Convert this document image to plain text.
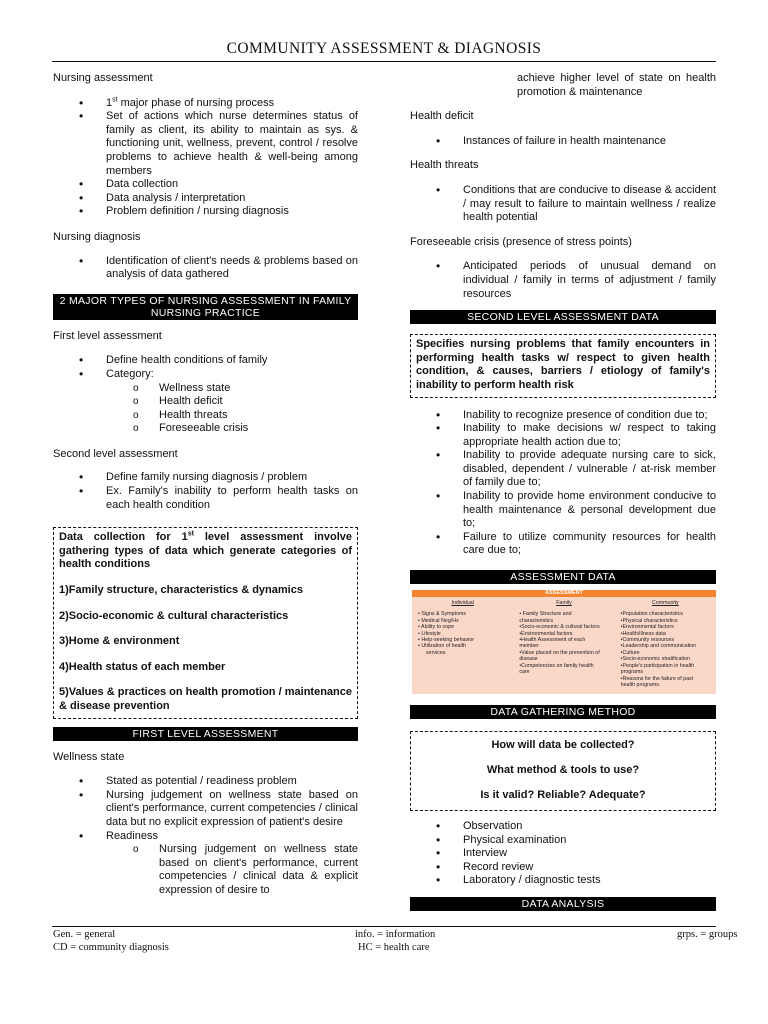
COMMUNITY ASSESSMENT & DIAGNOSIS
Nursing assessment
• 1st major phase of nursing process
• Set of actions which nurse determines status of family as client, its ability to maintain as sys. & functioning unit, wellness, prevent, control / resolve problems to achieve health & well-being among members
• Data collection
• Data analysis / interpretation
• Problem definition / nursing diagnosis
Nursing diagnosis
• Identification of client's needs & problems based on analysis of data gathered
2 MAJOR TYPES OF NURSING ASSESSMENT IN FAMILY NURSING PRACTICE
First level assessment
• Define health conditions of family
• Category:
o Wellness state
o Health deficit
o Health threats
o Foreseeable crisis
Second level assessment
• Define family nursing diagnosis / problem
• Ex. Family's inability to perform health tasks on each health condition

Data collection for 1st level assessment involve gathering types of data which generate categories of health conditions

1)Family structure, characteristics & dynamics

2)Socio-economic & cultural characteristics

3)Home & environment

4)Health status of each member

5)Values & practices on health promotion / maintenance & disease prevention

FIRST LEVEL ASSESSMENT
Wellness state
• Stated as potential / readiness problem
• Nursing judgement on wellness state based on client's performance, current competencies / clinical data but no explicit expression of patient's desire
• Readiness
o Nursing judgement on wellness state based on client's performance, current competencies / clinical data & explicit expression of desire to
achieve higher level of state on health promotion & maintenance
Health deficit
• Instances of failure in health maintenance
Health threats
• Conditions that are conducive to disease & accident / may result to failure to maintain wellness / realize health potential
Foreseeable crisis (presence of stress points)
• Anticipated periods of unusual demand on individual / family in terms of adjustment / family resources
SECOND LEVEL ASSESSMENT DATA
Specifies nursing problems that family encounters in performing health tasks w/ respect to given health condition, & causes, barriers / etiology of family's inability to perform health risk
• Inability to recognize presence of condition due to;
• Inability to make decisions w/ respect to taking appropriate health action due to;
• Inability to provide adequate nursing care to sick, disabled, dependent / vulnerable / at-risk member of family due to;
• Inability to provide home environment conducive to health maintenance & personal development due to;
• Failure to utilize community resources for health care due to;
ASSESSMENT DATA
ASSESSMENT
Individual
• Signs & Symptoms
• Medical Neg/Hx
• Ability to cope
• Lifestyle
• Help-seeking behavior
• Utilization of health
services
Family
• Family Structure and
characteristics
•Socio-economic & cultural factors
•Environmental factors
•Health Assessment of each
member
•Value placed on the prevention of
disease
•Competencies on family health
care
Community
•Population characteristics
•Physical characteristics
•Environmental factors
•Health/illness data
•Community resources
•Leadership and communication
•Culture
•Socio-economic stratification
•People's participation in health
programs
•Reasons for the failure of past
health programs.
DATA GATHERING METHOD

How will data be collected?

What method & tools to use?

Is it valid? Reliable? Adequate?

• Observation
• Physical examination
• Interview
• Record review
• Laboratory / diagnostic tests
DATA ANALYSIS
Gen. = general
CD = community diagnosis
info. = information
HC = health care
grps. = groups
